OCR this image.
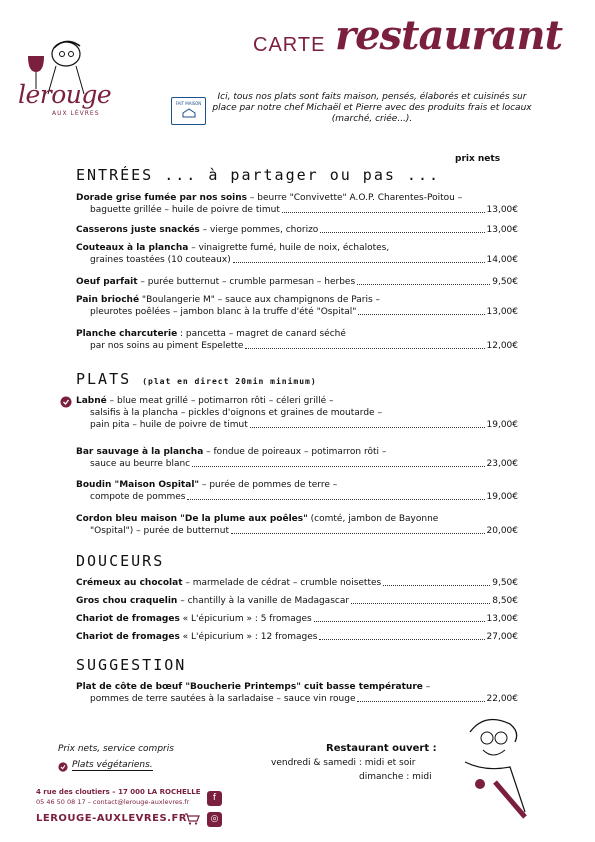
lerouge
AUX LÈVRES
CARTE restaurant
FAIT MAISON
Ici, tous nos plats sont faits maison, pensés, élaborés et cuisinés sur place par notre chef Michaël et Pierre avec des produits frais et locaux (marché, criée...).
prix nets
ENTRÉES ... à partager ou pas ...
Dorade grise fumée par nos soins – beurre "Convivette" A.O.P. Charentes-Poitou –
baguette grillée – huile de poivre de timut	13,00€
Casserons juste snackés – vierge pommes, chorizo	13,00€
Couteaux à la plancha – vinaigrette fumé, huile de noix, échalotes,
graines toastées (10 couteaux)	14,00€
Oeuf parfait – purée butternut – crumble parmesan – herbes	9,50€
Pain brioché "Boulangerie M" – sauce aux champignons de Paris –
pleurotes poêlées – jambon blanc à la truffe d'été "Ospital"	13,00€
Planche charcuterie : pancetta – magret de canard séché
par nos soins au piment Espelette	12,00€
PLATS (plat en direct 20min minimum)
Labné – blue meat grillé – potimarron rôti – céleri grillé –
salsifis à la plancha – pickles d'oignons et graines de moutarde –
pain pita – huile de poivre de timut	19,00€
Bar sauvage à la plancha – fondue de poireaux – potimarron rôti –
sauce au beurre blanc	23,00€
Boudin "Maison Ospital" – purée de pommes de terre –
compote de pommes	19,00€
Cordon bleu maison "De la plume aux poêles" (comté, jambon de Bayonne
"Ospital") – purée de butternut	20,00€
DOUCEURS
Crémeux au chocolat – marmelade de cédrat – crumble noisettes	9,50€
Gros chou craquelin – chantilly à la vanille de Madagascar	8,50€
Chariot de fromages « L'épicurium » : 5 fromages	13,00€
Chariot de fromages « L'épicurium » : 12 fromages	27,00€
SUGGESTION
Plat de côte de bœuf "Boucherie Printemps" cuit basse température –
pommes de terre sautées à la sarladaise – sauce vin rouge	22,00€
Prix nets, service compris
Plats végétariens.
4 rue des cloutiers – 17 000 LA ROCHELLE
05 46 50 08 17 – contact@lerouge-auxlevres.fr
LEROUGE-AUXLEVRES.FR
f
◎
Restaurant ouvert :
vendredi & samedi : midi et soir
dimanche : midi
